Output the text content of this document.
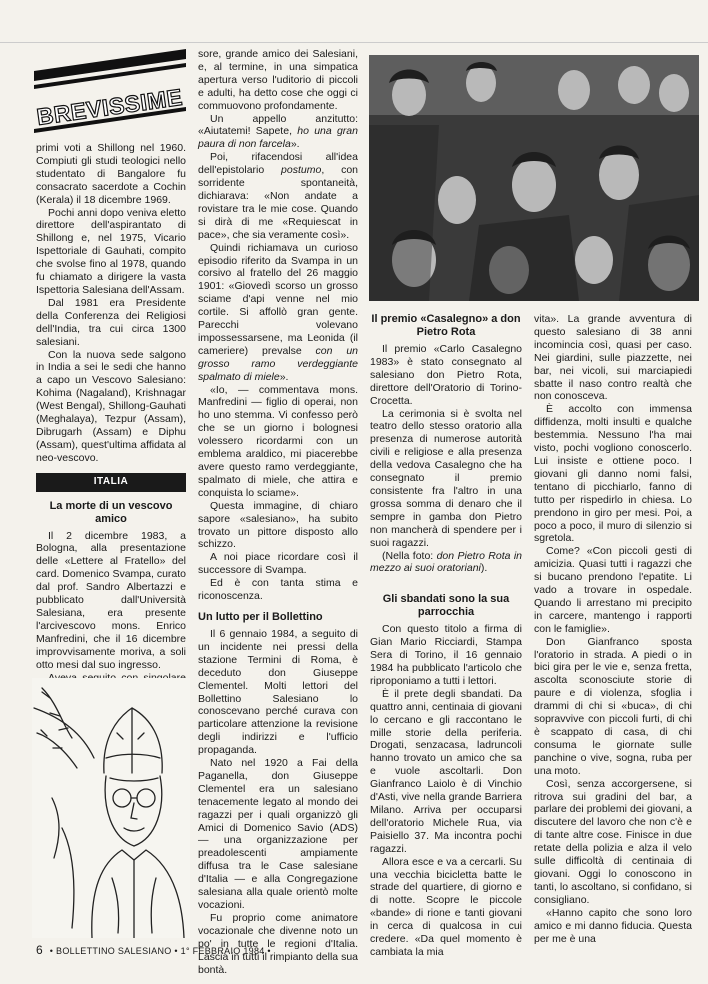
BREVISSIME

primi voti a Shillong nel 1960. Compiuti gli studi teologici nello studentato di Bangalore fu consacrato sacerdote a Cochin (Kerala) il 18 dicembre 1969.

Pochi anni dopo veniva eletto direttore dell'aspirantato di Shillong e, nel 1975, Vicario Ispettoriale di Gauhati, compito che svolse fino al 1978, quando fu chiamato a dirigere la vasta Ispettoria Salesiana dell'Assam.

Dal 1981 era Presidente della Conferenza dei Religiosi dell'India, tra cui circa 1300 salesiani.

Con la nuova sede salgono in India a sei le sedi che hanno a capo un Vescovo Salesiano: Kohima (Nagaland), Krishnagar (West Bengal), Shillong-Gauhati (Meghalaya), Tezpur (Assam), Dibrugarh (Assam) e Diphu (Assam), quest'ultima affidata al neo-vescovo.

ITALIA
La morte di un vescovo amico

Il 2 dicembre 1983, a Bologna, alla presentazione delle «Lettere al Fratello» del card. Domenico Svampa, curato dal prof. Sandro Albertazzi e pubblicato dall'Università Salesiana, era presente l'arcivescovo mons. Enrico Manfredini, che il 16 dicembre improvvisamente moriva, a soli otto mesi dal suo ingresso.

Aveva seguito con singolare interesse questo spoglio di lettere del suo predeces-

sore, grande amico dei Salesiani, e, al termine, in una simpatica apertura verso l'uditorio di piccoli e adulti, ha detto cose che oggi ci commuovono profondamente.

Un appello anzitutto: «Aiutatemi! Sapete, ho una gran paura di non farcela».

Poi, rifacendosi all'idea dell'epistolario postumo, con sorridente spontaneità, dichiarava: «Non andate a rovistare tra le mie cose. Quando si dirà di me «Requiescat in pace», che sia veramente così».

Quindi richiamava un curioso episodio riferito da Svampa in un corsivo al fratello del 26 maggio 1901: «Giovedì scorso un grosso sciame d'api venne nel mio cortile. Si affollò gran gente. Parecchi volevano impossessarsene, ma Leonida (il cameriere) prevalse con un grosso ramo verdeggiante spalmato di miele».

«Io, — commentava mons. Manfredini — figlio di operai, non ho uno stemma. Vi confesso però che se un giorno i bolognesi volessero ricordarmi con un emblema araldico, mi piacerebbe avere questo ramo verdeggiante, spalmato di miele, che attira e conquista lo sciame».

Questa immagine, di chiaro sapore «salesiano», ha subito trovato un pittore disposto allo schizzo.

A noi piace ricordare così il successore di Svampa.

Ed è con tanta stima e riconoscenza.

Un lutto per il Bollettino

Il 6 gennaio 1984, a seguito di un incidente nei pressi della stazione Termini di Roma, è deceduto don Giuseppe Clementel. Molti lettori del Bollettino Salesiano lo conoscevano perché curava con particolare attenzione la revisione degli indirizzi e l'ufficio propaganda.

Nato nel 1920 a Fai della Paganella, don Giuseppe Clementel era un salesiano tenacemente legato al mondo dei ragazzi per i quali organizzò gli Amici di Domenico Savio (ADS) — una organizzazione per preadolescenti ampiamente diffusa tra le Case salesiane d'Italia — e alla Congregazione salesiana alla quale orientò molte vocazioni.

Fu proprio come animatore vocazionale che divenne noto un po' in tutte le regioni d'Italia. Lascia in tutti il rimpianto della sua bontà.

Il premio «Casalegno» a don Pietro Rota

Il premio «Carlo Casalegno 1983» è stato consegnato al salesiano don Pietro Rota, direttore dell'Oratorio di Torino-Crocetta.

La cerimonia si è svolta nel teatro dello stesso oratorio alla presenza di numerose autorità civili e religiose e alla presenza della vedova Casalegno che ha consegnato il premio consistente fra l'altro in una grossa somma di denaro che il sempre in gamba don Pietro non mancherà di spendere per i suoi ragazzi.

(Nella foto: don Pietro Rota in mezzo ai suoi oratoriani).

Gli sbandati sono la sua parrocchia

Con questo titolo a firma di Gian Mario Ricciardi, Stampa Sera di Torino, il 16 gennaio 1984 ha pubblicato l'articolo che riproponiamo a tutti i lettori.

È il prete degli sbandati. Da quattro anni, centinaia di giovani lo cercano e gli raccontano le mille storie della periferia. Drogati, senzacasa, ladruncoli hanno trovato un amico che sa e vuole ascoltarli. Don Gianfranco Laiolo è di Vinchio d'Asti, vive nella grande Barriera Milano. Arriva per occuparsi dell'oratorio Michele Rua, via Paisiello 37. Ma incontra pochi ragazzi.

Allora esce e va a cercarli. Su una vecchia bicicletta batte le strade del quartiere, di giorno e di notte. Scopre le piccole «bande» di rione e tanti giovani in cerca di qualcosa in cui credere. «Da quel momento è cambiata la mia

vita». La grande avventura di questo salesiano di 38 anni incomincia così, quasi per caso. Nei giardini, sulle piazzette, nei bar, nei vicoli, sui marciapiedi sbatte il naso contro realtà che non conosceva.

È accolto con immensa diffidenza, molti insulti e qualche bestemmia. Nessuno l'ha mai visto, pochi vogliono conoscerlo. Lui insiste e ottiene poco. I giovani gli danno nomi falsi, tentano di picchiarlo, fanno di tutto per rispedirlo in chiesa. Lo prendono in giro per mesi. Poi, a poco a poco, il muro di silenzio si sgretola.

Come? «Con piccoli gesti di amicizia. Quasi tutti i ragazzi che si bucano prendono l'epatite. Li vado a trovare in ospedale. Quando li arrestano mi precipito in carcere, mantengo i rapporti con le famiglie».

Don Gianfranco sposta l'oratorio in strada. A piedi o in bici gira per le vie e, senza fretta, ascolta sconosciute storie di paure e di violenza, sfoglia i drammi di chi si «buca», di chi sopravvive con piccoli furti, di chi è scappato di casa, di chi consuma le giornate sulle panchine o vive, sogna, ruba per una moto.

Così, senza accorgersene, si ritrova sui gradini del bar, a parlare dei problemi dei giovani, a discutere del lavoro che non c'è e di tante altre cose. Finisce in due retate della polizia e alza il velo sulle difficoltà di centinaia di giovani. Oggi lo conoscono in tanti, lo ascoltano, si confidano, si consigliano.

«Hanno capito che sono loro amico e mi danno fiducia. Questa per me è una

6 • BOLLETTINO SALESIANO • 1° FEBBRAIO 1984 •
